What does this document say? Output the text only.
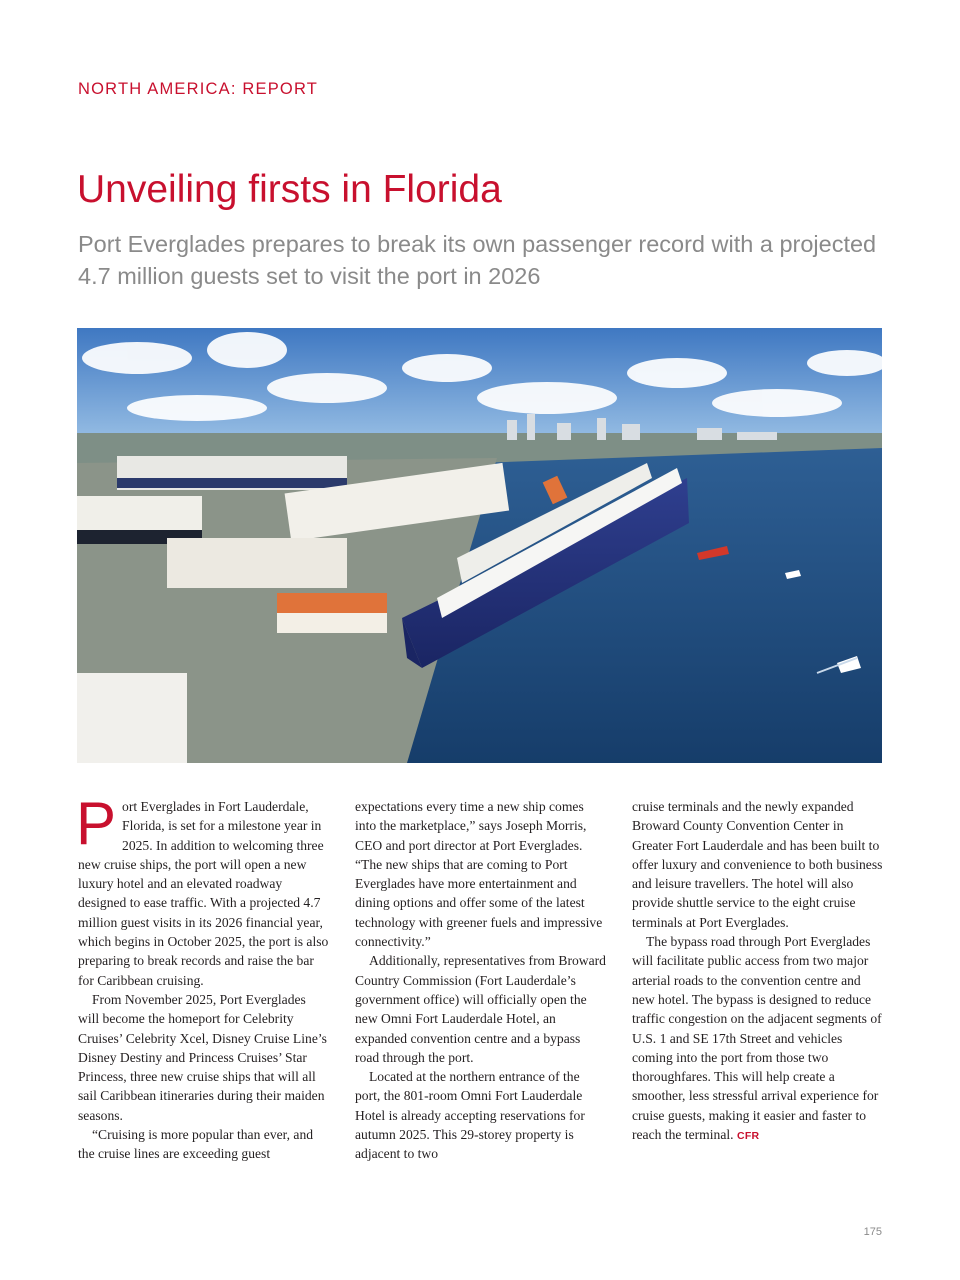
NORTH AMERICA: REPORT
Unveiling firsts in Florida

Port Everglades prepares to break its own passenger record with a projected 4.7 million guests set to visit the port in 2026

Port Everglades in Fort Lauderdale, Florida, is set for a milestone year in 2025. In addition to welcoming three new cruise ships, the port will open a new luxury hotel and an elevated roadway designed to ease traffic. With a projected 4.7 million guest visits in its 2026 financial year, which begins in October 2025, the port is also preparing to break records and raise the bar for Caribbean cruising.

From November 2025, Port Everglades will become the homeport for Celebrity Cruises’ Celebrity Xcel, Disney Cruise Line’s Disney Destiny and Princess Cruises’ Star Princess, three new cruise ships that will all sail Caribbean itineraries during their maiden seasons.

“Cruising is more popular than ever, and the cruise lines are exceeding guest

expectations every time a new ship comes into the marketplace,” says Joseph Morris, CEO and port director at Port Everglades. “The new ships that are coming to Port Everglades have more entertainment and dining options and offer some of the latest technology with greener fuels and impressive connectivity.”

Additionally, representatives from Broward Country Commission (Fort Lauderdale’s government office) will officially open the new Omni Fort Lauderdale Hotel, an expanded convention centre and a bypass road through the port.

Located at the northern entrance of the port, the 801-room Omni Fort Lauderdale Hotel is already accepting reservations for autumn 2025. This 29-storey property is adjacent to two

cruise terminals and the newly expanded Broward County Convention Center in Greater Fort Lauderdale and has been built to offer luxury and convenience to both business and leisure travellers. The hotel will also provide shuttle service to the eight cruise terminals at Port Everglades.

The bypass road through Port Everglades will facilitate public access from two major arterial roads to the convention centre and new hotel. The bypass is designed to reduce traffic congestion on the adjacent segments of U.S. 1 and SE 17th Street and vehicles coming into the port from those two thoroughfares. This will help create a smoother, less stressful arrival experience for cruise guests, making it easier and faster to reach the terminal. CFR

175
